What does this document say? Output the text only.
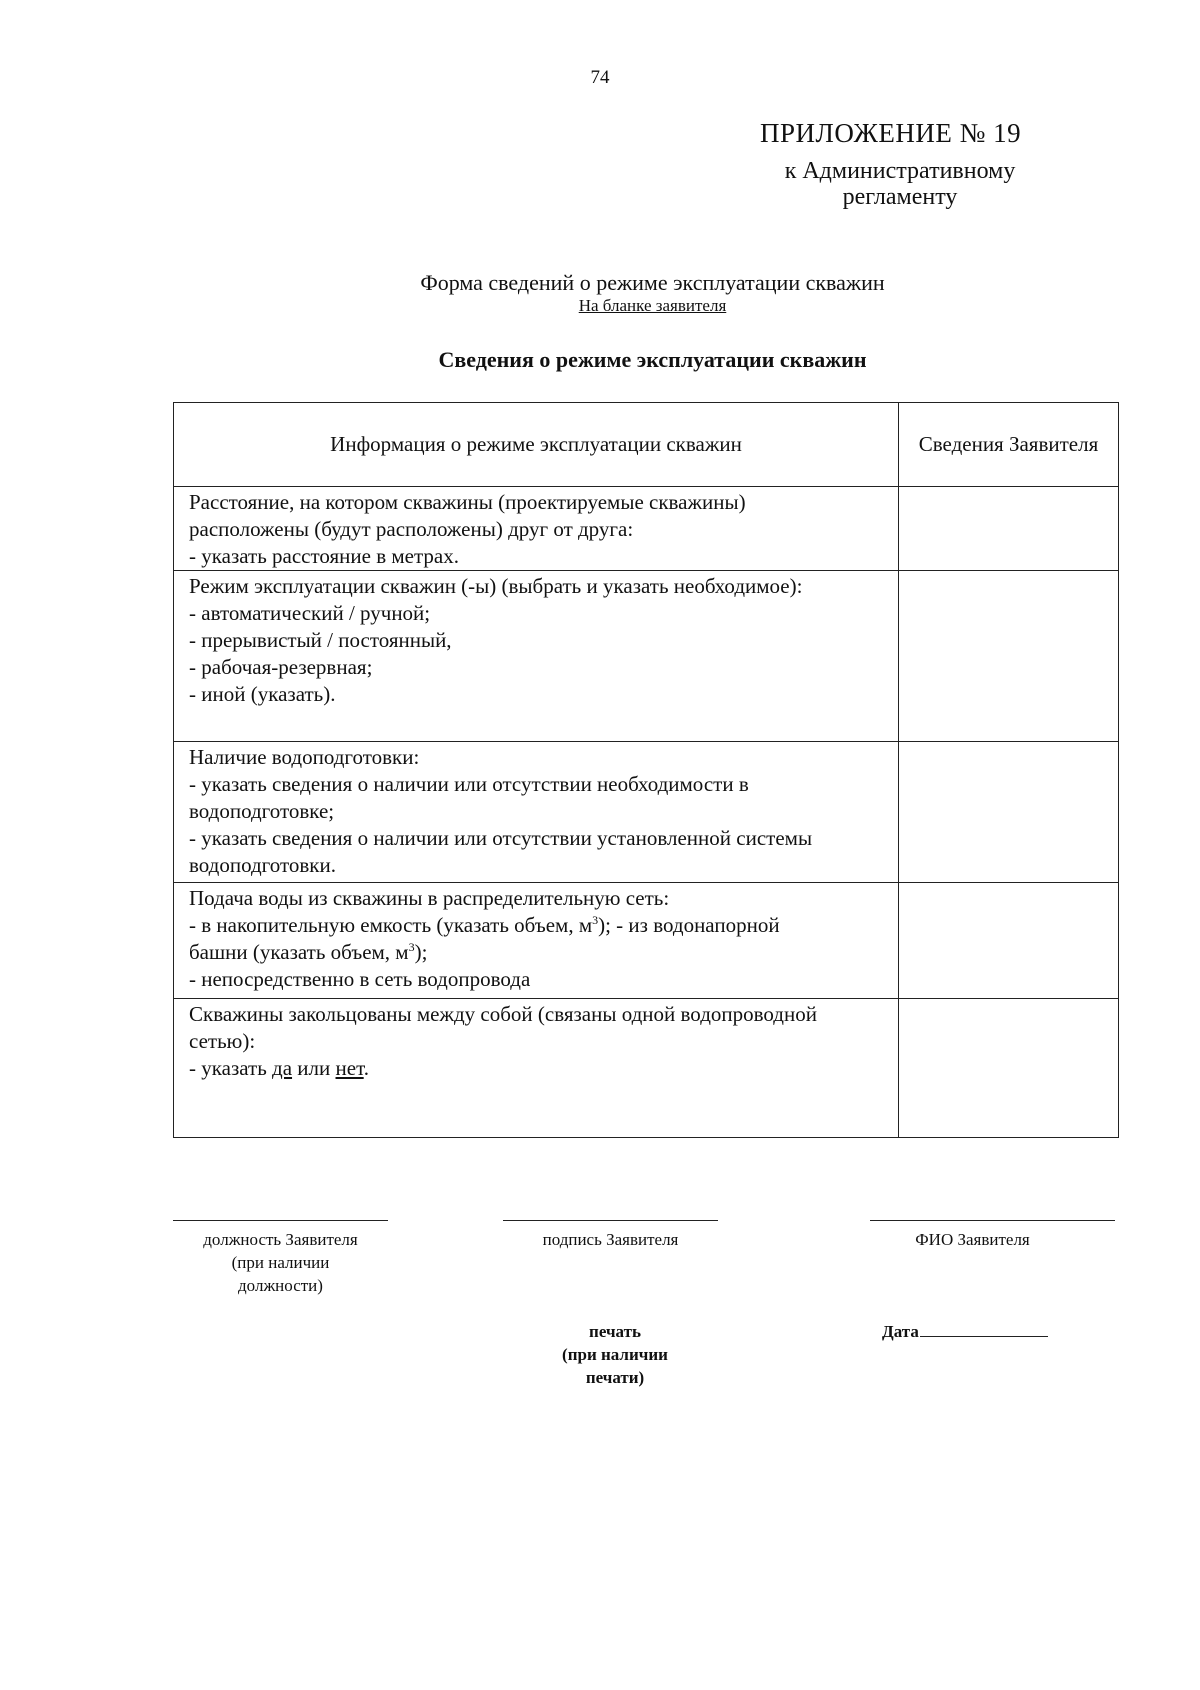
74
ПРИЛОЖЕНИЕ № 19
к Административному
регламенту
Форма сведений о режиме эксплуатации скважин
На бланке заявителя
Сведения о режиме эксплуатации скважин
Информация о режиме эксплуатации скважин	Сведения Заявителя

Расстояние, на котором скважины (проектируемые скважины)
расположены (будут расположены) друг от друга:
- указать расстояние в метрах.	

Режим эксплуатации скважин (-ы) (выбрать и указать необходимое):
- автоматический / ручной;
- прерывистый / постоянный,
- рабочая-резервная;
- иной (указать).	

Наличие водоподготовки:
- указать сведения о наличии или отсутствии необходимости в
водоподготовке;
- указать сведения о наличии или отсутствии установленной системы
водоподготовки.	

Подача воды из скважины в распределительную сеть:
- в накопительную емкость (указать объем, $м^3$); - из водонапорной
башни (указать объем, $м^3$);
- непосредственно в сеть водопровода	

Скважины закольцованы между собой (связаны одной водопроводной
сетью):
- указать да или нет.	

должность Заявителя
(при наличии
должности)
подпись Заявителя	ФИО Заявителя
печать
(при наличии
печати)
Дата
